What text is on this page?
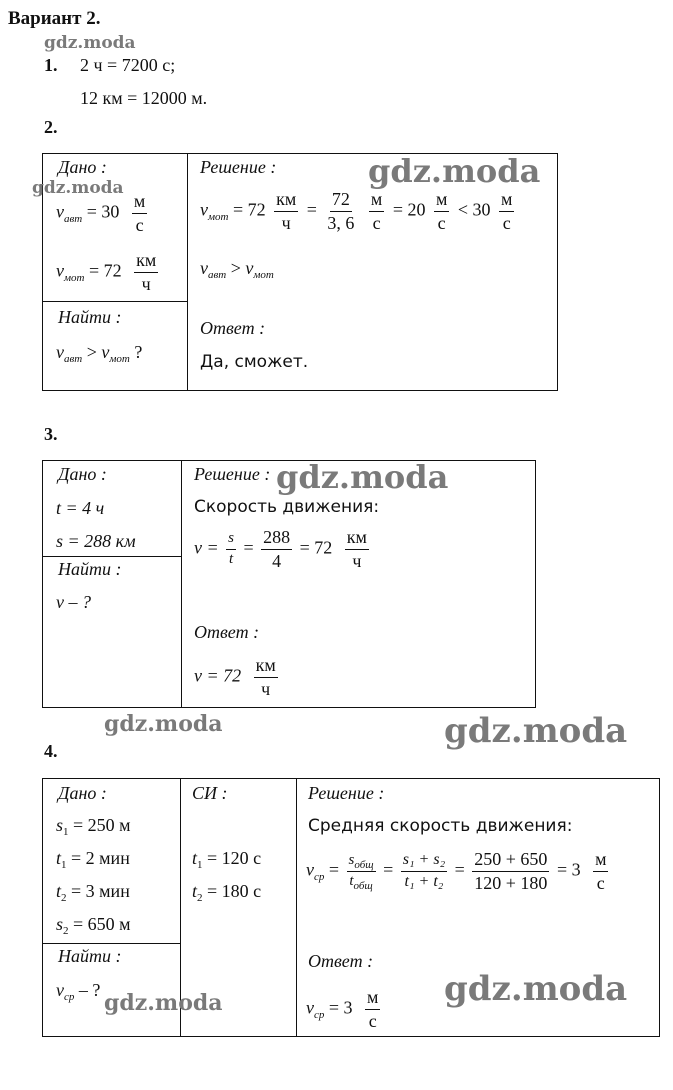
Вариант 2.
gdz.moda
1. 2 ч = 7200 с;
12 км = 12000 м.
2.
Дано :
gdz.moda
$v_{авт} = 30 \frac{м}{с}$
$v_{мот} = 72 \frac{км}{ч}$
Найти :
$v_{авт} > v_{мот}$ ?
Решение :	gdz.moda
$v_{мот} = 72 \frac{км}{ч} = \frac{72}{3, 6}$
$\frac{м}{с} = 20 \frac{м}{с} < 30 \frac{м}{с}$
$v_{авт} > v_{мот}$
Ответ :
Да, сможет.
3.
Дано :
t = 4 ч
s = 288 км
Найти :
v – ?
Решение : gdz.moda
Скорость движения:
$v = \frac{s}{t} = \frac{288}{4} = 72 \frac{км}{ч}$
Ответ :
$v = 72 \frac{км}{ч}$
gdz.moda	gdz.moda
4.
Дано :
$s_1 = 250$ м
$t_1 = 2$ мин
$t_2 = 3$ мин
$s_2 = 650$ м
Найти :
$v_{ср}$ – ? gdz.moda
СИ :
$t_1 = 120$ с
$t_2 = 180$ с
Решение :
Средняя скорость движения:
$v_{ср} = \frac{s_{общ}}{t_{общ}} = \frac{\text{s₁ + s₂}}{\text{t₁ + t₂}} = \frac{250 + 650}{120 + 180} = 3 \frac{м}{с}$
Ответ :
$v_{ср} = 3 \frac{м}{с}$ gdz.moda
